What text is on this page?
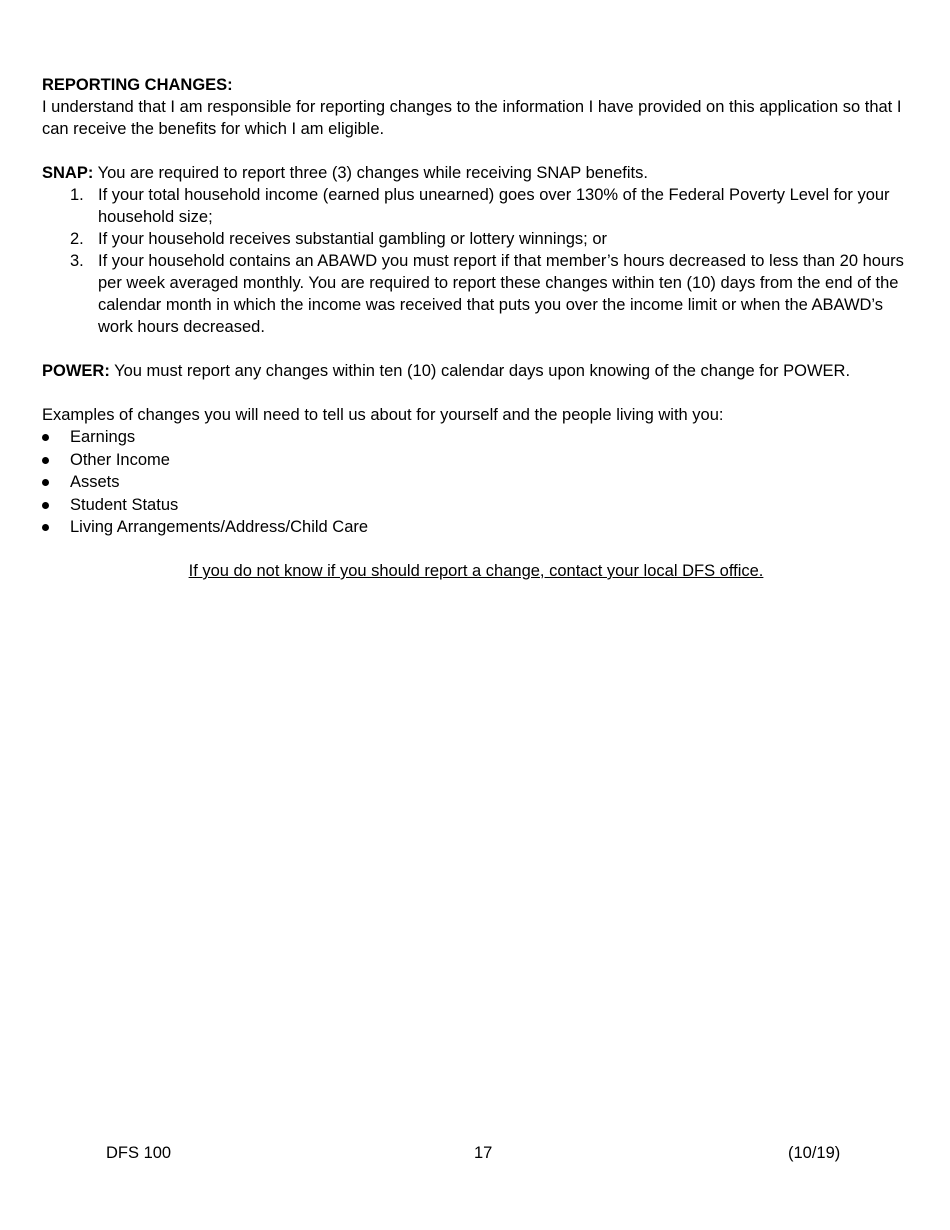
REPORTING CHANGES:

I understand that I am responsible for reporting changes to the information I have provided on this application so that I can receive the benefits for which I am eligible.

SNAP: You are required to report three (3) changes while receiving SNAP benefits.

1. If your total household income (earned plus unearned) goes over 130% of the Federal Poverty Level for your household size;
2. If your household receives substantial gambling or lottery winnings; or
3. If your household contains an ABAWD you must report if that member’s hours decreased to less than 20 hours per week averaged monthly. You are required to report these changes within ten (10) days from the end of the calendar month in which the income was received that puts you over the income limit or when the ABAWD’s work hours decreased.

POWER: You must report any changes within ten (10) calendar days upon knowing of the change for POWER.

Examples of changes you will need to tell us about for yourself and the people living with you:

Earnings
Other Income
Assets
Student Status
Living Arrangements/Address/Child Care

If you do not know if you should report a change, contact your local DFS office.

DFS 100	17	(10/19)
